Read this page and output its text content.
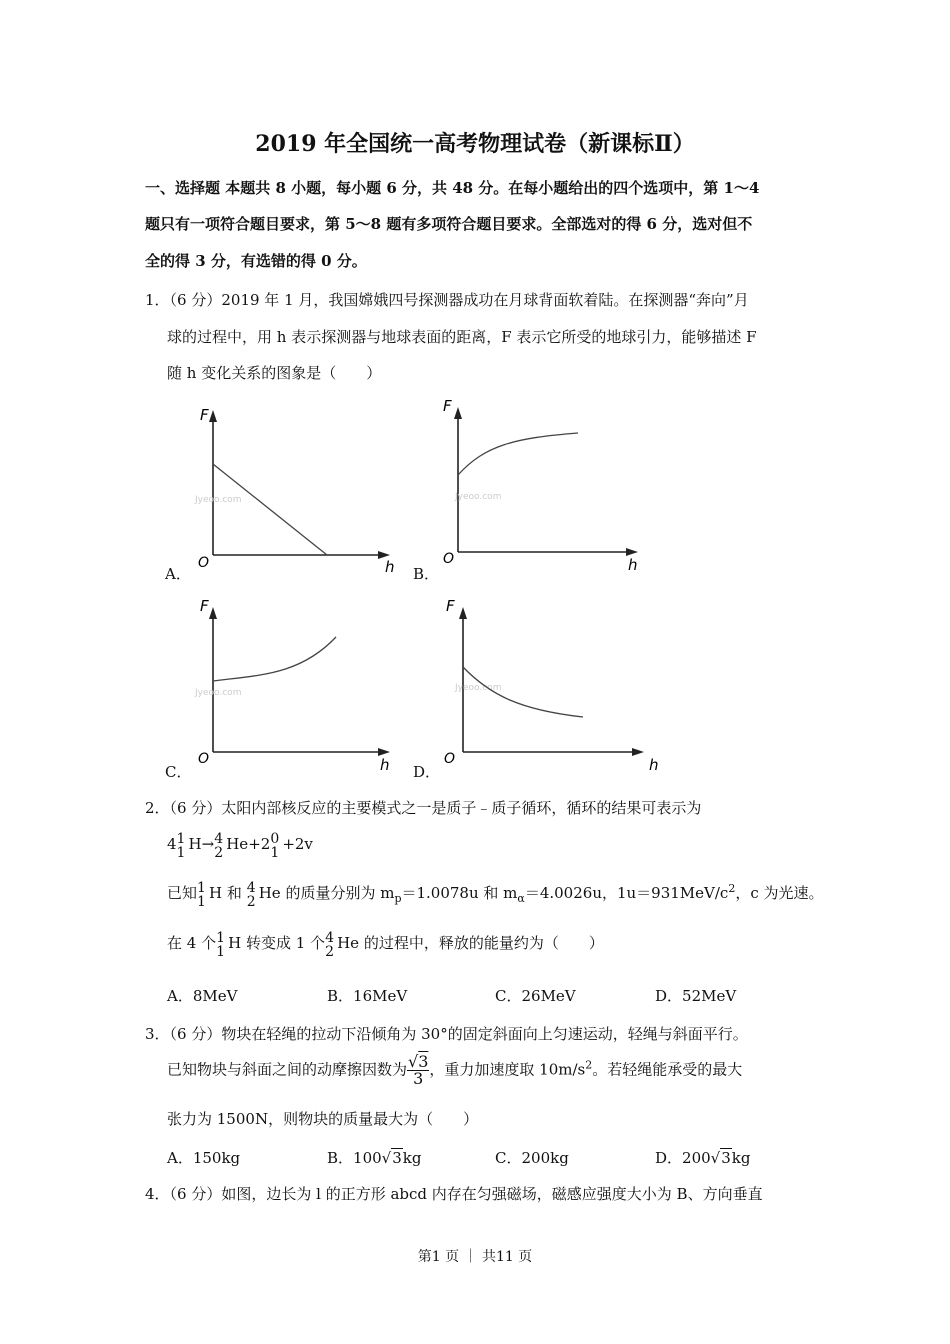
2019 年全国统一高考物理试卷（新课标Ⅱ）
一、选择题 本题共 8 小题，每小题 6 分，共 48 分。在每小题给出的四个选项中，第 1～4
题只有一项符合题目要求，第 5～8 题有多项符合题目要求。全部选对的得 6 分，选对但不
全的得 3 分，有选错的得 0 分。
1．（6 分）2019 年 1 月，我国嫦娥四号探测器成功在月球背面软着陆。在探测器“奔向”月
球的过程中，用 h 表示探测器与地球表面的距离，F 表示它所受的地球引力，能够描述 F
随 h 变化关系的图象是（　　）
A．
F
O	h
Jyeoo.com
B．
F
O	h
Jyeoo.com
C．
F
O	h
Jyeoo.com
D．
F
O	h
Jyeoo.com
2．（6 分）太阳内部核反应的主要模式之一是质子﹣质子循环，循环的结果可表示为
4 1
1 H→ 4
2 He+2 0
1 +2v
已知 1
1 H 和 4
2 He 的质量分别为 $m_p=1.0078u$ 和 $m_\alpha=4.0026u$，$1u=931MeV/c^2$，c 为光速。
在 4 个 1
1 H 转变成 1 个 4
2 He 的过程中，释放的能量约为（　　）
A．8MeV	B．16MeV	C．26MeV	D．52MeV
3．（6 分）物块在轻绳的拉动下沿倾角为 30°的固定斜面向上匀速运动，轻绳与斜面平行。
已知物块与斜面之间的动摩擦因数为 $\frac{√3}{3}$ ，重力加速度取 $10m/s^2$。若轻绳能承受的最大
张力为 1500N，则物块的质量最大为（　　）
A．150kg	B．100√3kg	C．200kg	D．200√3kg
4．（6 分）如图，边长为 l 的正方形 abcd 内存在匀强磁场，磁感应强度大小为 B、方向垂直
第1 页 ｜ 共11 页
